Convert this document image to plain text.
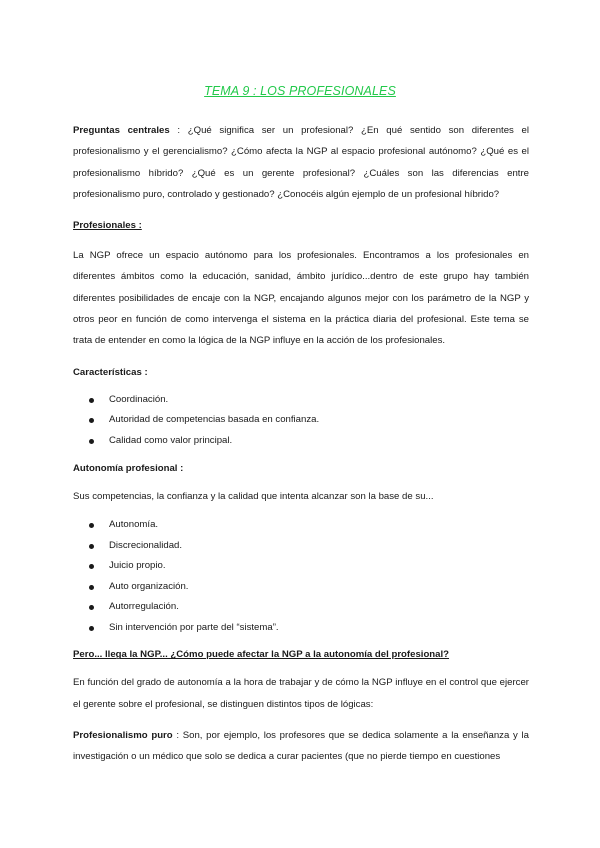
TEMA 9 : LOS PROFESIONALES

Preguntas centrales : ¿Qué significa ser un profesional? ¿En qué sentido son diferentes el profesionalismo y el gerencialismo? ¿Cómo afecta la NGP al espacio profesional autónomo? ¿Qué es el profesionalismo híbrido? ¿Qué es un gerente profesional? ¿Cuáles son las diferencias entre profesionalismo puro, controlado y gestionado? ¿Conocéis algún ejemplo de un profesional híbrido?

Profesionales :

La NGP ofrece un espacio autónomo para los profesionales. Encontramos a los profesionales en diferentes ámbitos como la educación, sanidad, ámbito jurídico...dentro de este grupo hay también diferentes posibilidades de encaje con la NGP, encajando algunos mejor con los parámetro de la NGP y otros peor en función de como intervenga el sistema en la práctica diaria del profesional. Este tema se trata de entender en como la lógica de la NGP influye en la acción de los profesionales.

Características :

Coordinación.
Autoridad de competencias basada en confianza.
Calidad como valor principal.

Autonomía profesional :

Sus competencias, la confianza y la calidad que intenta alcanzar son la base de su...

Autonomía.
Discrecionalidad.
Juicio propio.
Auto organización.
Autorregulación.
Sin intervención por parte del “sistema”.

Pero... llega la NGP... ¿Cómo puede afectar la NGP a la autonomía del profesional?

En función del grado de autonomía a la hora de trabajar y de cómo la NGP influye en el control que ejercer el gerente sobre el profesional, se distinguen distintos tipos de lógicas:

Profesionalismo puro : Son, por ejemplo, los profesores que se dedica solamente a la enseñanza y la investigación o un médico que solo se dedica a curar pacientes (que no pierde tiempo en cuestiones
